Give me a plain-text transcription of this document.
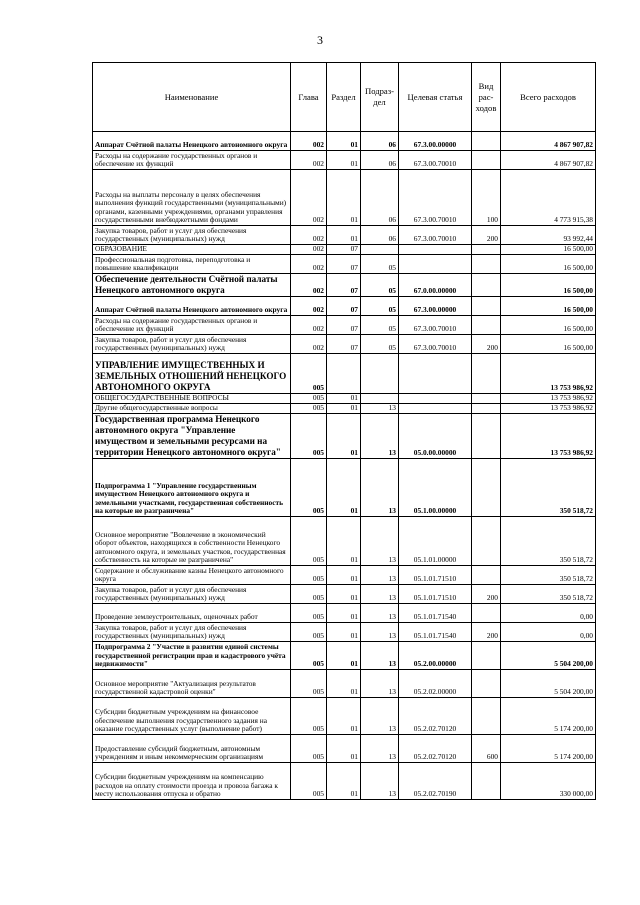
3
Наименование	Глава	Раздел	Подраз-дел	Целевая статья	Вид рас-ходов	Всего расходов
Аппарат Счётной палаты Ненецкого автономного округа	002	01	06	67.3.00.00000		4 867 907,82
Расходы на содержание государственных органов и обеспечение их функций	002	01	06	67.3.00.70010		4 867 907,82
Расходы на выплаты персоналу в целях обеспечения выполнения функций государственными (муниципальными) органами, казенными учреждениями, органами управления государственными внебюджетными фондами	002	01	06	67.3.00.70010	100	4 773 915,38
Закупка товаров, работ и услуг для обеспечения государственных (муниципальных) нужд	002	01	06	67.3.00.70010	200	93 992,44
ОБРАЗОВАНИЕ	002	07				16 500,00
Профессиональная подготовка, переподготовка и повышение квалификации	002	07	05			16 500,00
Обеспечение деятельности Счётной палаты Ненецкого автономного округа	002	07	05	67.0.00.00000		16 500,00
Аппарат Счётной палаты Ненецкого автономного округа	002	07	05	67.3.00.00000		16 500,00
Расходы на содержание государственных органов и обеспечение их функций	002	07	05	67.3.00.70010		16 500,00
Закупка товаров, работ и услуг для обеспечения государственных (муниципальных) нужд	002	07	05	67.3.00.70010	200	16 500,00
УПРАВЛЕНИЕ ИМУЩЕСТВЕННЫХ И ЗЕМЕЛЬНЫХ ОТНОШЕНИЙ НЕНЕЦКОГО АВТОНОМНОГО ОКРУГА	005					13 753 986,92
ОБЩЕГОСУДАРСТВЕННЫЕ ВОПРОСЫ	005	01				13 753 986,92
Другие общегосударственные вопросы	005	01	13			13 753 986,92
Государственная программа Ненецкого автономного округа "Управление имуществом и земельными ресурсами на территории Ненецкого автономного округа"	005	01	13	05.0.00.00000		13 753 986,92
Подпрограмма 1 "Управление государственным имуществом Ненецкого автономного округа и земельными участками, государственная собственность на которые не разграничена"	005	01	13	05.1.00.00000		350 518,72
Основное мероприятие "Вовлечение в экономический оборот объектов, находящихся в собственности Ненецкого автономного округа, и земельных участков, государственная собственность на которые не разграничена"	005	01	13	05.1.01.00000		350 518,72
Содержание и обслуживание казны Ненецкого автономного округа	005	01	13	05.1.01.71510		350 518,72
Закупка товаров, работ и услуг для обеспечения государственных (муниципальных) нужд	005	01	13	05.1.01.71510	200	350 518,72
Проведение землеустроительных, оценочных работ	005	01	13	05.1.01.71540		0,00
Закупка товаров, работ и услуг для обеспечения государственных (муниципальных) нужд	005	01	13	05.1.01.71540	200	0,00
Подпрограмма 2 "Участие в развитии единой системы государственной регистрации прав и кадастрового учёта недвижимости"	005	01	13	05.2.00.00000		5 504 200,00
Основное мероприятие "Актуализация результатов государственной кадастровой оценки"	005	01	13	05.2.02.00000		5 504 200,00
Субсидии бюджетным учреждениям на финансовое обеспечение выполнения государственного задания на оказание государственных услуг (выполнение работ)	005	01	13	05.2.02.70120		5 174 200,00
Предоставление субсидий бюджетным, автономным учреждениям и иным некоммерческим организациям	005	01	13	05.2.02.70120	600	5 174 200,00
Субсидии бюджетным учреждениям на компенсацию расходов на оплату стоимости проезда и провоза багажа к месту использования отпуска и обратно	005	01	13	05.2.02.70190		330 000,00
